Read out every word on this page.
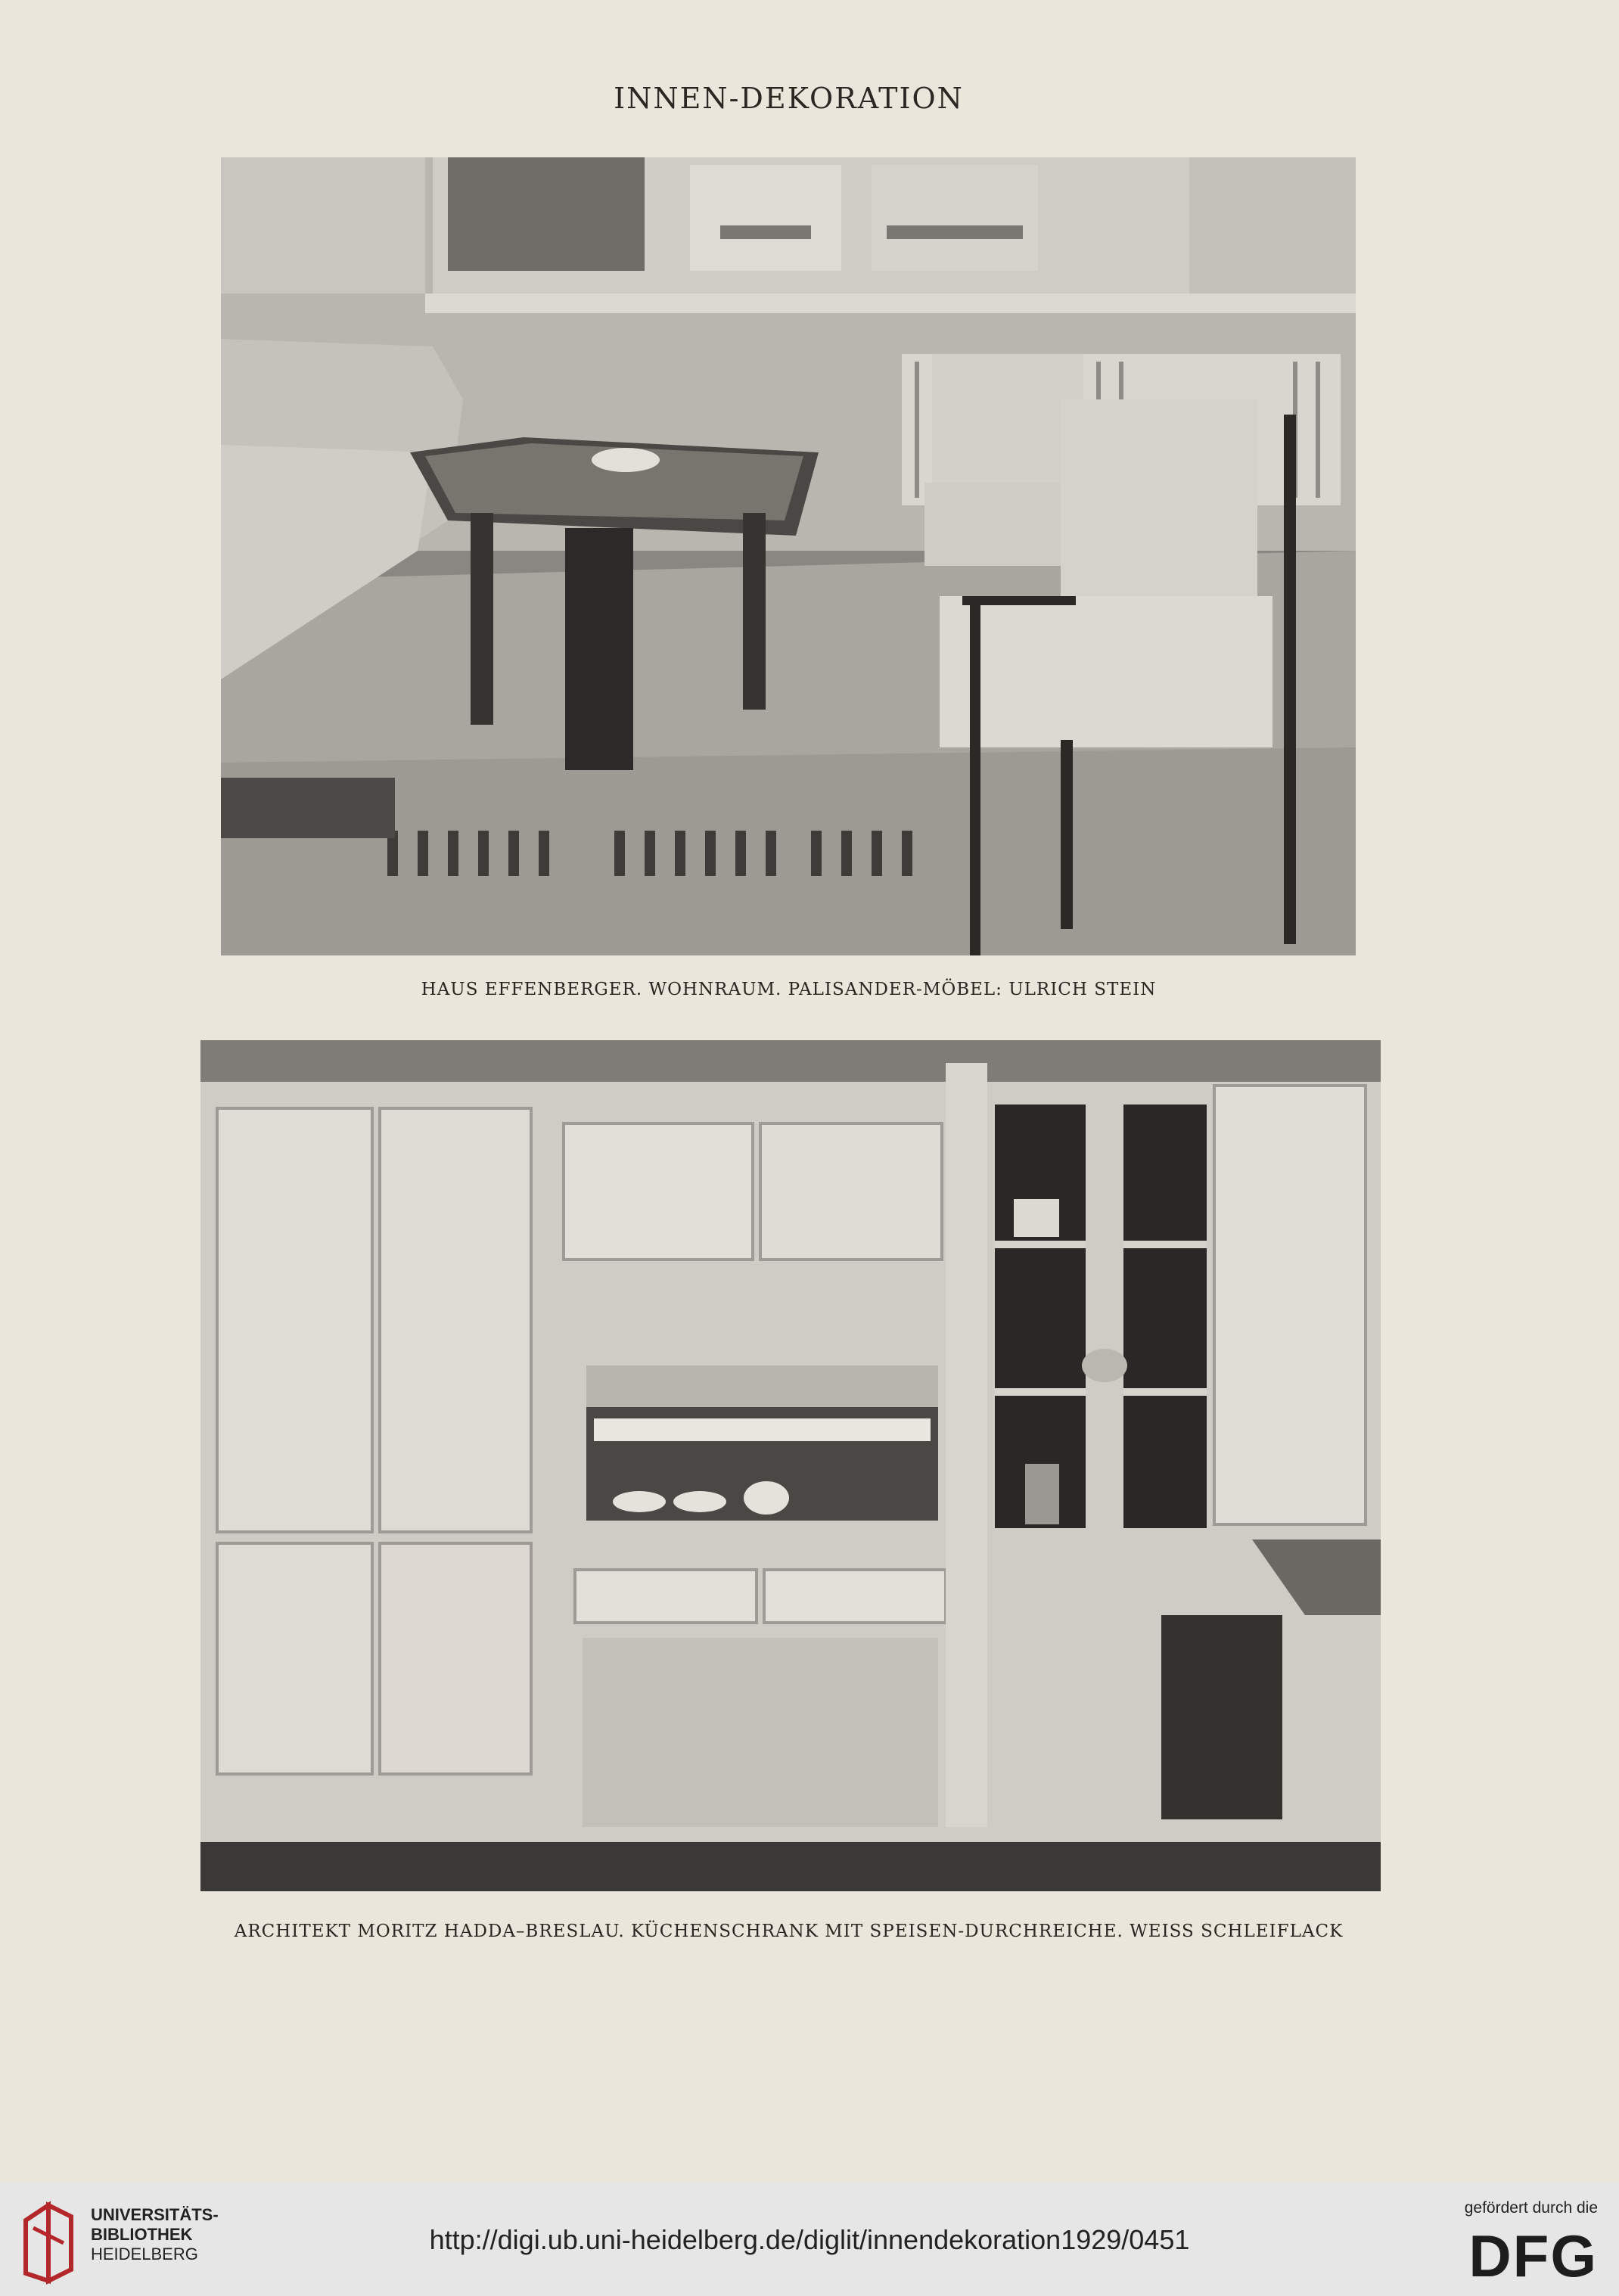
INNEN-DEKORATION
HAUS EFFENBERGER. WOHNRAUM. PALISANDER-MÖBEL: ULRICH STEIN
ARCHITEKT MORITZ HADDA–BRESLAU. KÜCHENSCHRANK MIT SPEISEN-DURCHREICHE. WEISS SCHLEIFLACK
UNIVERSITÄTS-
BIBLIOTHEK
HEIDELBERG	http://digi.ub.uni-heidelberg.de/diglit/innendekoration1929/0451
gefördert durch die
DFG
